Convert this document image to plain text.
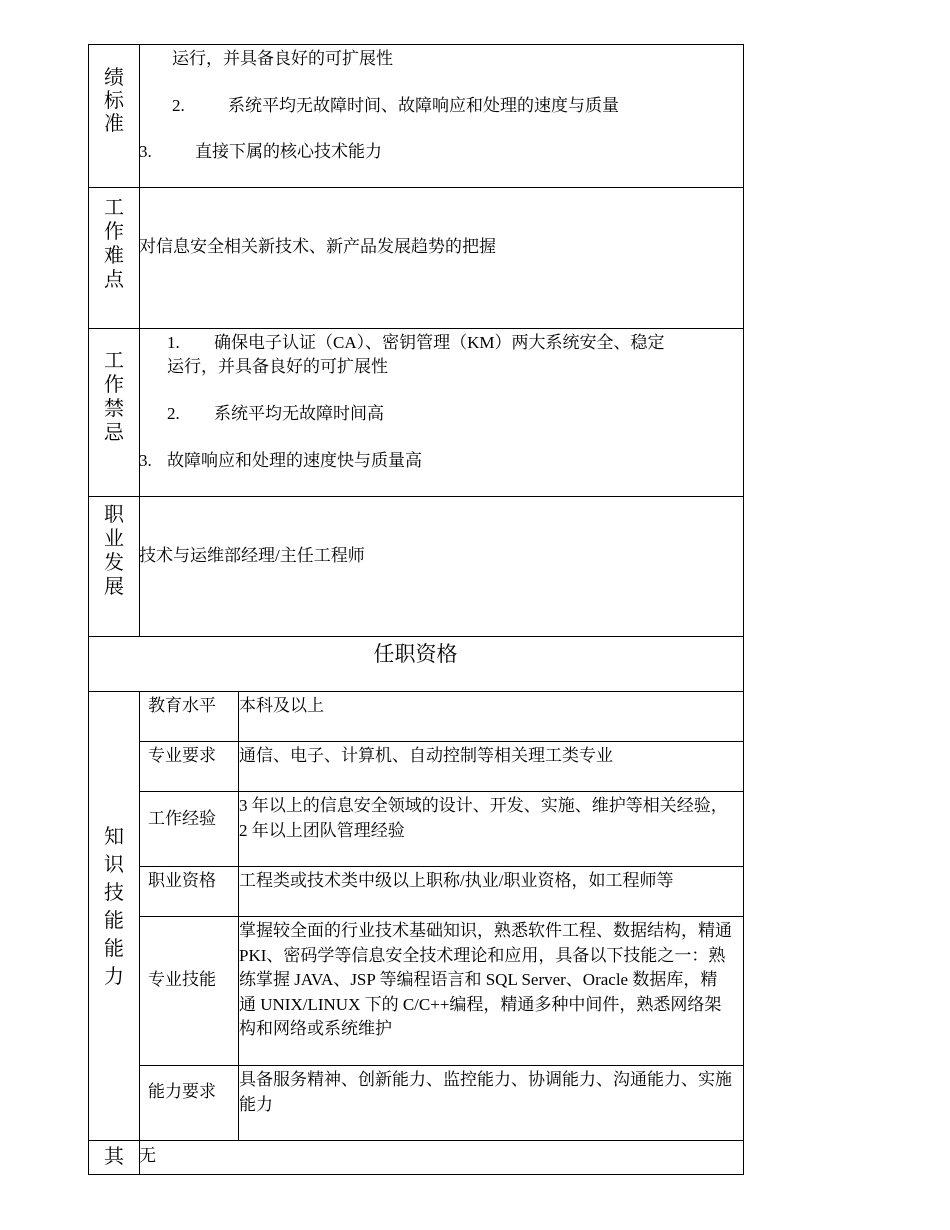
绩
标
准
运行，并具备良好的可扩展性
2.	系统平均无故障时间、故障响应和处理的速度与质量
3.	直接下属的核心技术能力
工
作
难
点
对信息安全相关新技术、新产品发展趋势的把握
工
作
禁
忌
1. 确保电子认证（CA）、密钥管理（KM）两大系统安全、稳定
运行，并具备良好的可扩展性
2. 系统平均无故障时间高
3. 故障响应和处理的速度快与质量高
职
业
发
展
技术与运维部经理/主任工程师
任职资格
知
识
技
能
能
力
教育水平 本科及以上
专业要求 通信、电子、计算机、自动控制等相关理工类专业
工作经验
3 年以上的信息安全领域的设计、开发、实施、维护等相关经验，2 年以上团队管理经验
职业资格 工程类或技术类中级以上职称/执业/职业资格，如工程师等
专业技能
掌握较全面的行业技术基础知识，熟悉软件工程、数据结构，精通 PKI、密码学等信息安全技术理论和应用，具备以下技能之一：熟练掌握 JAVA、JSP 等编程语言和 SQL Server、Oracle 数据库，精通 UNIX/LINUX 下的 C/C++编程，精通多种中间件，熟悉网络架构和网络或系统维护
能力要求
具备服务精神、创新能力、监控能力、协调能力、沟通能力、实施能力
其 无
